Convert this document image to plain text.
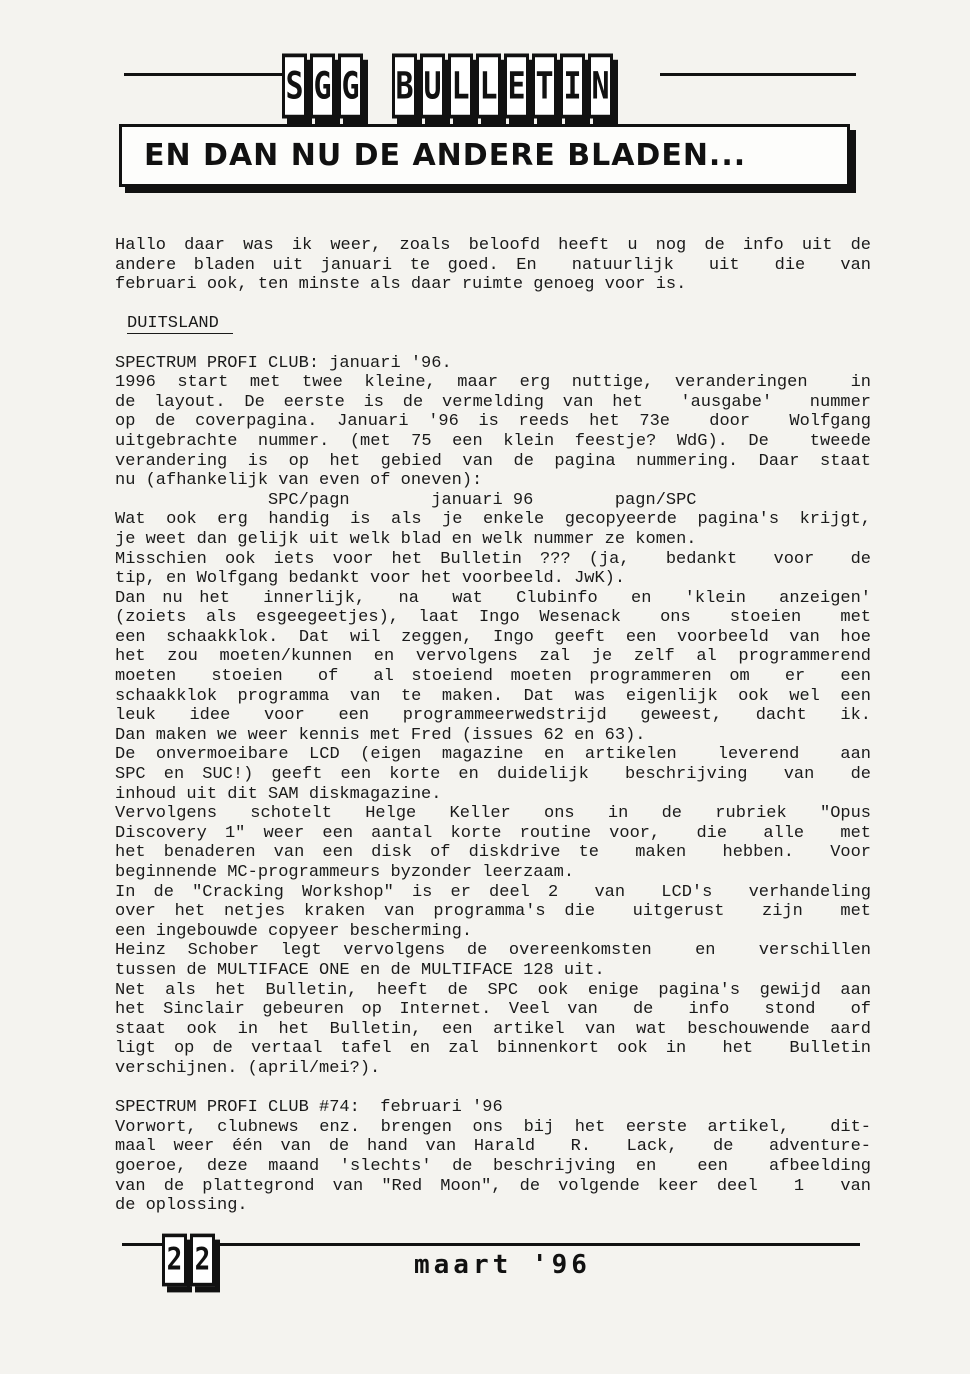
S G G B U L L E T I N
EN DAN NU DE ANDERE BLADEN...
Hallo daar was ik weer, zoals beloofd heeft u nog de info uit de
andere bladen uit januari te goed. En  natuurlijk  uit  die  van
februari ook, ten minste als daar ruimte genoeg voor is.
DUITSLAND
SPECTRUM PROFI CLUB: januari '96.
1996 start met twee kleine, maar erg nuttige, veranderingen  in
de layout. De eerste is de vermelding van het  'ausgabe'  nummer
op de coverpagina. Januari '96 is reeds het 73e  door  Wolfgang
uitgebrachte nummer. (met 75 een klein feestje? WdG). De  tweede
verandering is op het gebied van de pagina nummering. Daar staat
nu (afhankelijk van even of oneven):
SPC/pagn        januari 96        pagn/SPC
Wat ook erg handig is als je enkele gecopyeerde pagina's krijgt,
je weet dan gelijk uit welk blad en welk nummer ze komen.
Misschien ook iets voor het Bulletin ??? (ja,  bedankt  voor  de
tip, en Wolfgang bedankt voor het voorbeeld. JwK).
Dan nu het  innerlijk,  na  wat  Clubinfo  en  'klein  anzeigen'
(zoiets als esgeegeetjes), laat Ingo Wesenack  ons  stoeien  met
een schaakklok. Dat wil zeggen, Ingo geeft een voorbeeld van hoe
het zou moeten/kunnen en vervolgens zal je zelf al programmerend
moeten  stoeien  of  al stoeiend moeten programmeren om  er  een
schaakklok programma van te maken. Dat was eigenlijk ook wel een
leuk idee voor een programmeerwedstrijd geweest, dacht ik.
Dan maken we weer kennis met Fred (issues 62 en 63).
De onvermoeibare LCD (eigen magazine en artikelen  leverend  aan
SPC en SUC!) geeft een korte en duidelijk  beschrijving  van  de
inhoud uit dit SAM diskmagazine.
Vervolgens  schotelt  Helge  Keller  ons  in  de  rubriek  "Opus
Discovery 1" weer een aantal korte routine voor,  die  alle  met
het benaderen van een disk of diskdrive te  maken  hebben.  Voor
beginnende MC-programmeurs byzonder leerzaam.
In de "Cracking Workshop" is er deel 2  van  LCD's  verhandeling
over het netjes kraken van programma's die  uitgerust  zijn  met
een ingebouwde copyeer bescherming.
Heinz Schober legt vervolgens de overeenkomsten  en  verschillen
tussen de MULTIFACE ONE en de MULTIFACE 128 uit.
Net als het Bulletin, heeft de SPC ook enige pagina's gewijd aan
het Sinclair gebeuren op Internet. Veel van  de  info  stond  of
staat ook in het Bulletin, een artikel van wat beschouwende aard
ligt op de vertaal tafel en zal binnenkort ook in  het  Bulletin
verschijnen. (april/mei?).
SPECTRUM PROFI CLUB #74:  februari '96
Vorwort, clubnews enz. brengen ons bij het eerste artikel,  dit-
maal weer één van de hand van Harald  R.  Lack,  de  adventure-
goeroe, deze maand 'slechts' de beschrijving en  een  afbeelding
van de plattegrond van "Red Moon", de volgende keer deel  1  van
de oplossing.
2 2	maart '96
